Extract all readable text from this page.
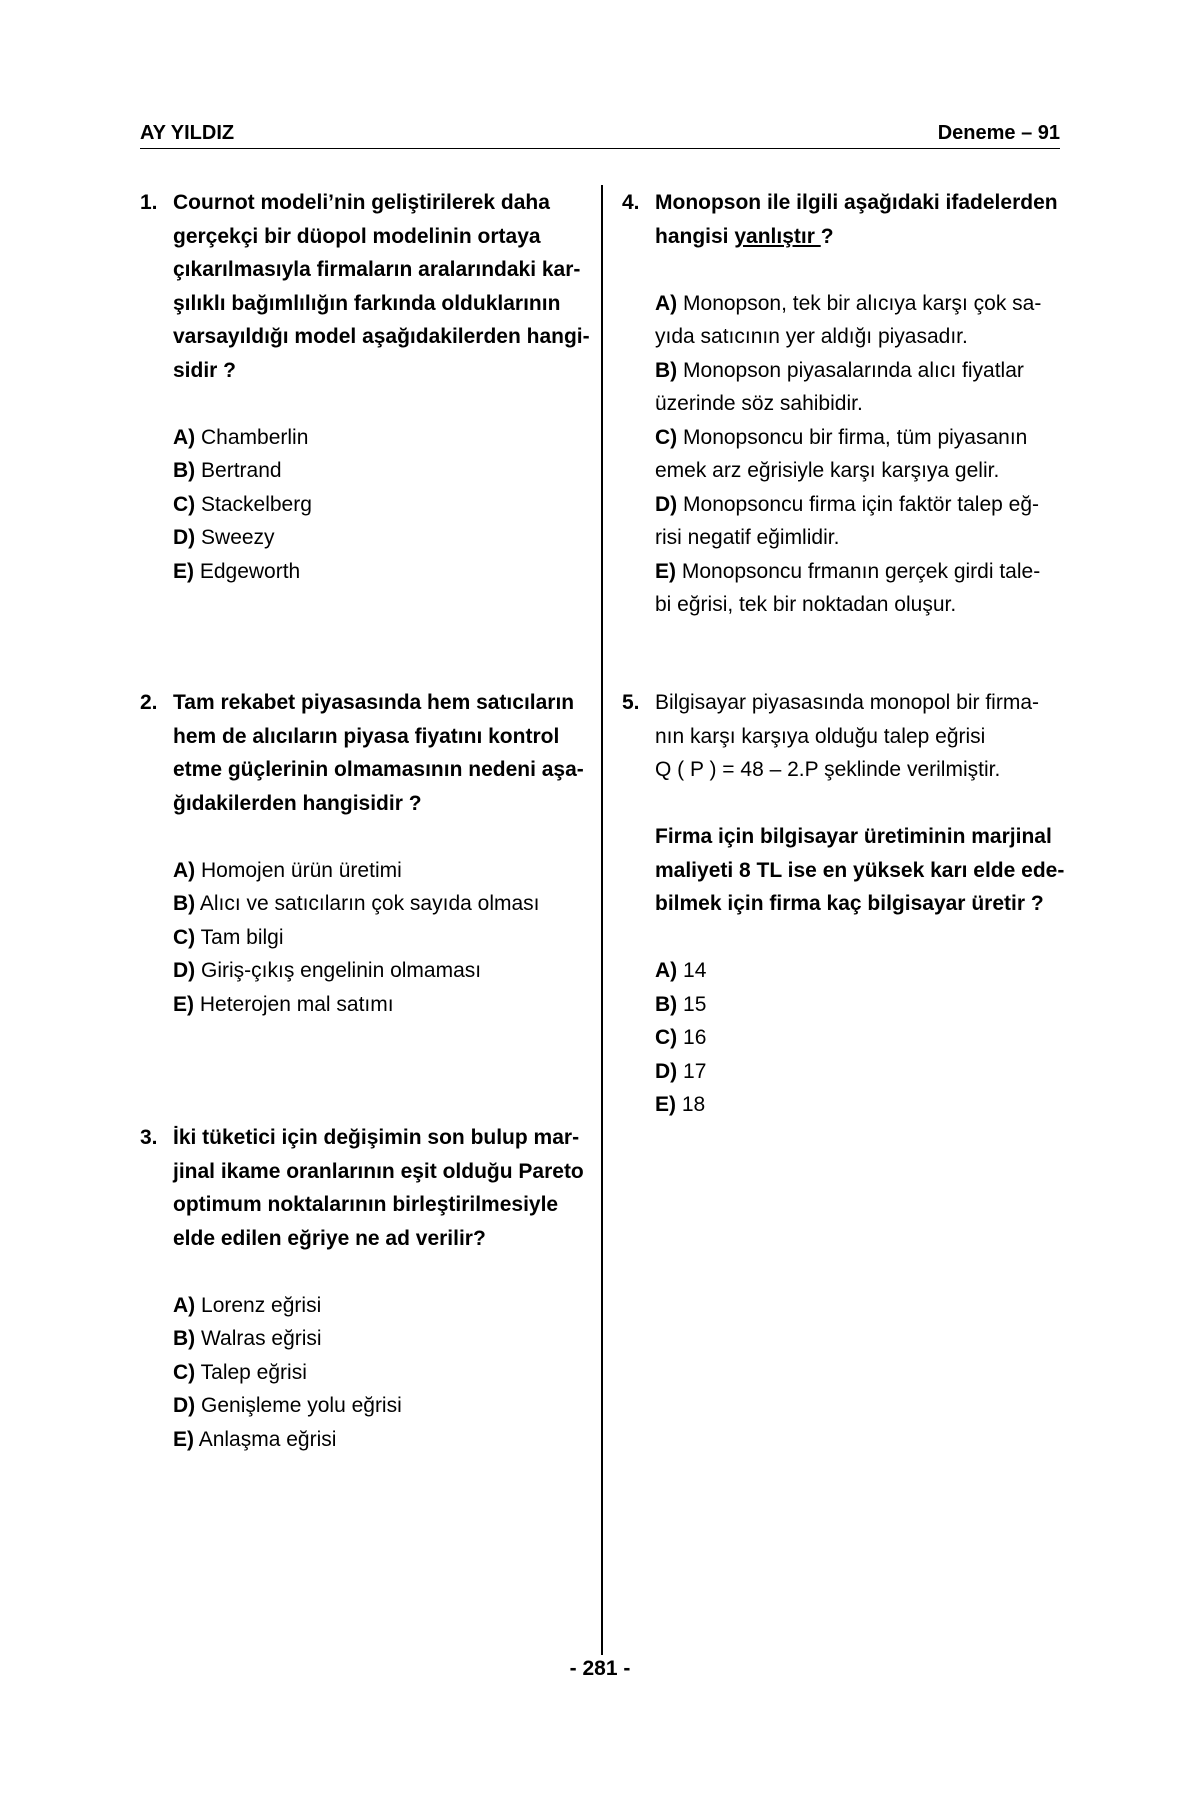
AY YILDIZ	Deneme – 91
1. Cournot modeli’nin geliştirilerek daha

gerçekçi bir düopol modelinin ortaya

çıkarılmasıyla firmaların aralarındaki kar-

şılıklı bağımlılığın farkında olduklarının

varsayıldığı model aşağıdakilerden hangi-

sidir ?

A) Chamberlin

B) Bertrand

C) Stackelberg

D) Sweezy

E) Edgeworth

2. Tam rekabet piyasasında hem satıcıların

hem de alıcıların piyasa fiyatını kontrol

etme güçlerinin olmamasının nedeni aşa-

ğıdakilerden hangisidir ?

A) Homojen ürün üretimi

B) Alıcı ve satıcıların çok sayıda olması

C) Tam bilgi

D) Giriş-çıkış engelinin olmaması

E) Heterojen mal satımı

3. İki tüketici için değişimin son bulup mar-

jinal ikame oranlarının eşit olduğu Pareto

optimum noktalarının birleştirilmesiyle

elde edilen eğriye ne ad verilir?

A) Lorenz eğrisi

B) Walras eğrisi

C) Talep eğrisi

D) Genişleme yolu eğrisi

E) Anlaşma eğrisi

4. Monopson ile ilgili aşağıdaki ifadelerden

hangisi yanlıştır ?

A) Monopson, tek bir alıcıya karşı çok sa-

yıda satıcının yer aldığı piyasadır.

B) Monopson piyasalarında alıcı fiyatlar

üzerinde söz sahibidir.

C) Monopsoncu bir firma, tüm piyasanın

emek arz eğrisiyle karşı karşıya gelir.

D) Monopsoncu firma için faktör talep eğ-

risi negatif eğimlidir.

E) Monopsoncu frmanın gerçek girdi tale-

bi eğrisi, tek bir noktadan oluşur.

5. Bilgisayar piyasasında monopol bir firma-

nın karşı karşıya olduğu talep eğrisi

Q ( P ) = 48 – 2.P şeklinde verilmiştir.

Firma için bilgisayar üretiminin marjinal

maliyeti 8 TL ise en yüksek karı elde ede-

bilmek için firma kaç bilgisayar üretir ?

A) 14

B) 15

C) 16

D) 17

E) 18

- 281 -
